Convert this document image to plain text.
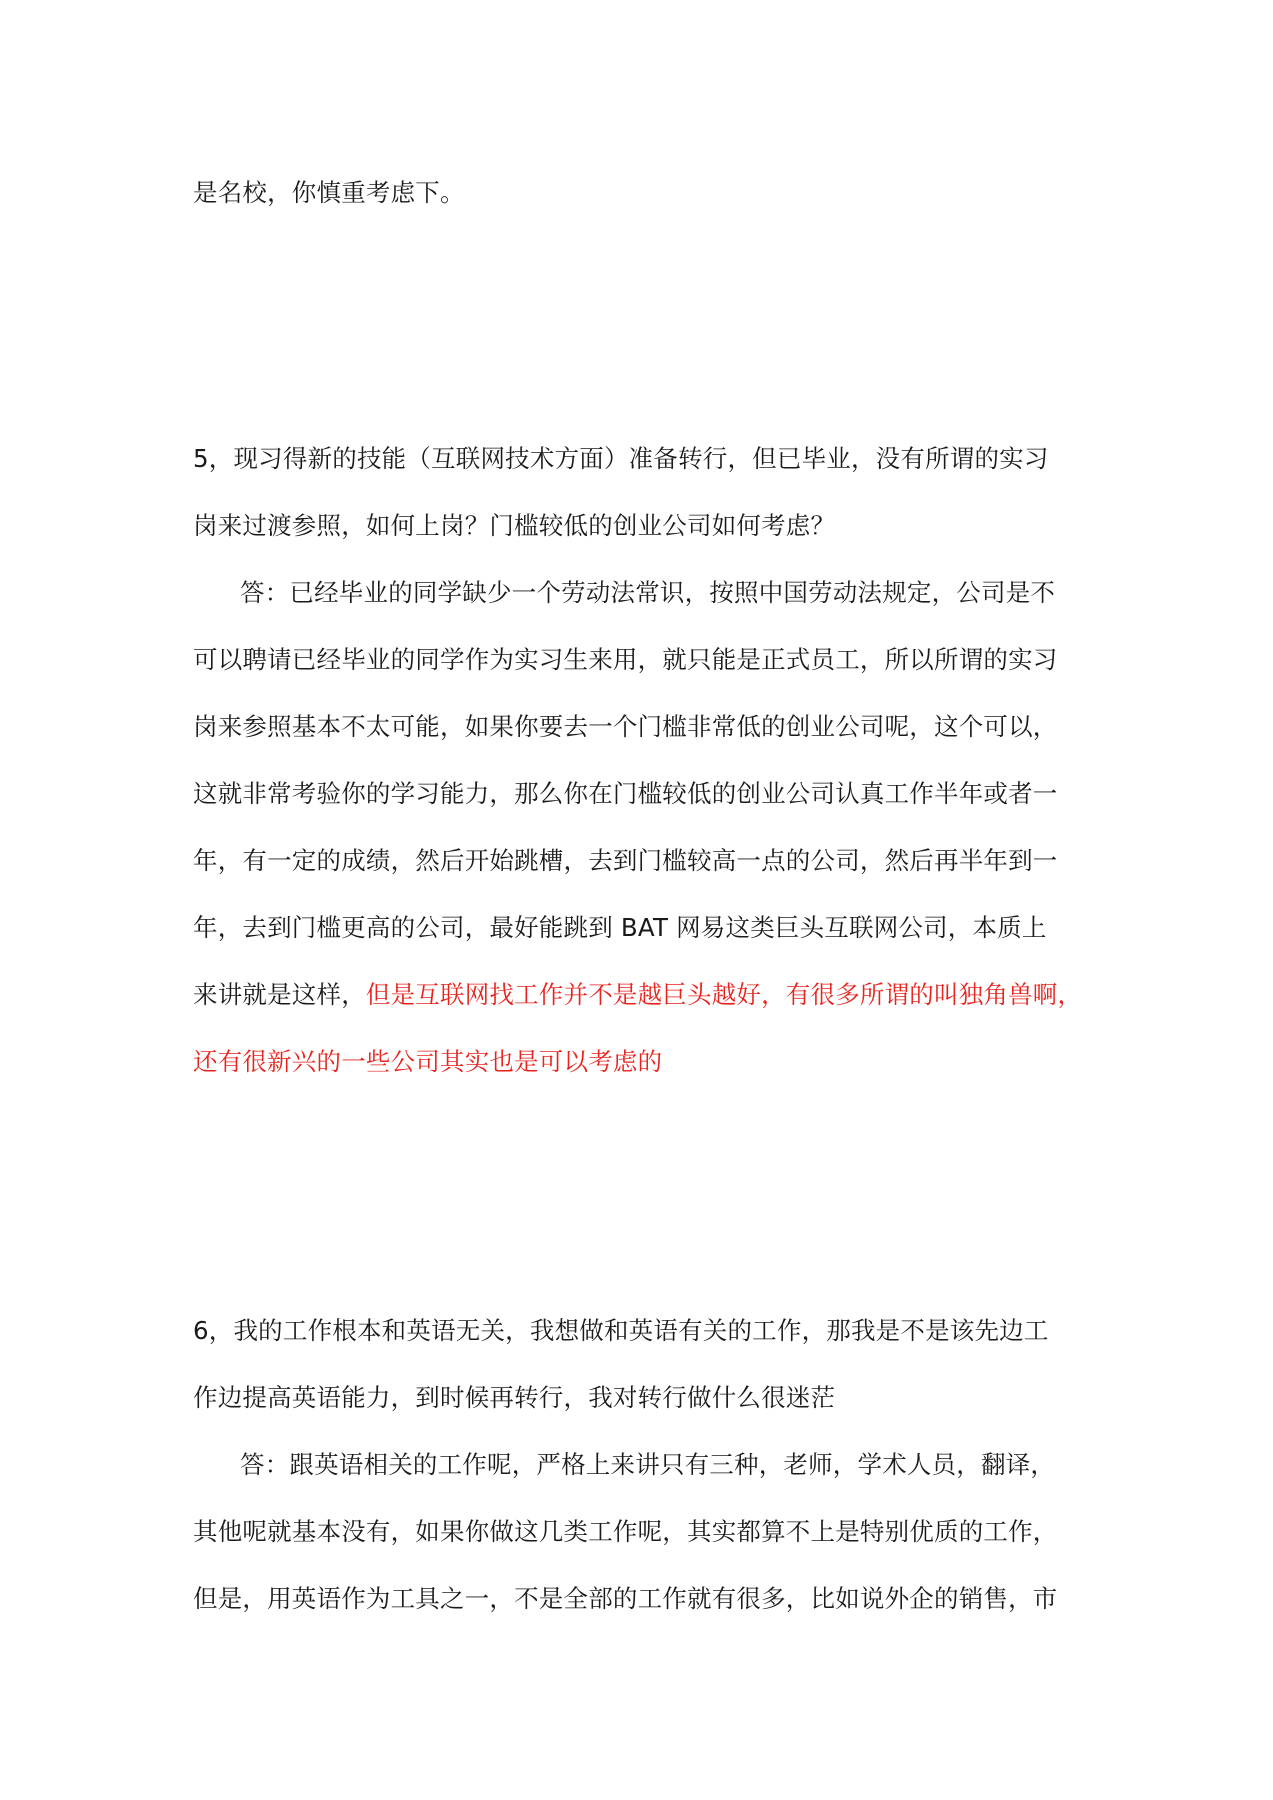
是名校，你慎重考虑下。
5，现习得新的技能（互联网技术方面）准备转行，但已毕业，没有所谓的实习
岗来过渡参照，如何上岗？门槛较低的创业公司如何考虑？
答：已经毕业的同学缺少一个劳动法常识，按照中国劳动法规定，公司是不
可以聘请已经毕业的同学作为实习生来用，就只能是正式员工，所以所谓的实习
岗来参照基本不太可能，如果你要去一个门槛非常低的创业公司呢，这个可以，
这就非常考验你的学习能力，那么你在门槛较低的创业公司认真工作半年或者一
年，有一定的成绩，然后开始跳槽，去到门槛较高一点的公司，然后再半年到一
年，去到门槛更高的公司，最好能跳到 BAT 网易这类巨头互联网公司，本质上
来讲就是这样，但是互联网找工作并不是越巨头越好，有很多所谓的叫独角兽啊，
还有很新兴的一些公司其实也是可以考虑的
6，我的工作根本和英语无关，我想做和英语有关的工作，那我是不是该先边工
作边提高英语能力，到时候再转行，我对转行做什么很迷茫
答：跟英语相关的工作呢，严格上来讲只有三种，老师，学术人员，翻译，
其他呢就基本没有，如果你做这几类工作呢，其实都算不上是特别优质的工作，
但是，用英语作为工具之一，不是全部的工作就有很多，比如说外企的销售，市
